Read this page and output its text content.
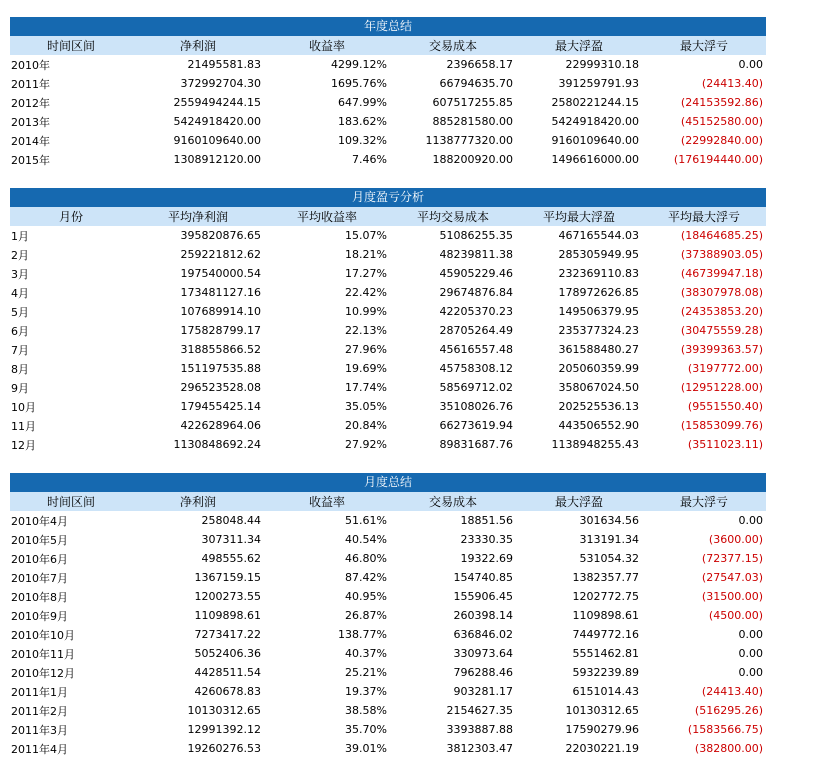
年度总结
时间区间	净利润	收益率	交易成本	最大浮盈	最大浮亏
2010年	21495581.83	4299.12%	2396658.17	22999310.18	0.00
2011年	372992704.30	1695.76%	66794635.70	391259791.93	(24413.40)
2012年	2559494244.15	647.99%	607517255.85	2580221244.15	(24153592.86)
2013年	5424918420.00	183.62%	885281580.00	5424918420.00	(45152580.00)
2014年	9160109640.00	109.32%	1138777320.00	9160109640.00	(22992840.00)
2015年	1308912120.00	7.46%	188200920.00	1496616000.00	(176194440.00)
月度盈亏分析
月份	平均净利润	平均收益率	平均交易成本	平均最大浮盈	平均最大浮亏
1月	395820876.65	15.07%	51086255.35	467165544.03	(18464685.25)
2月	259221812.62	18.21%	48239811.38	285305949.95	(37388903.05)
3月	197540000.54	17.27%	45905229.46	232369110.83	(46739947.18)
4月	173481127.16	22.42%	29674876.84	178972626.85	(38307978.08)
5月	107689914.10	10.99%	42205370.23	149506379.95	(24353853.20)
6月	175828799.17	22.13%	28705264.49	235377324.23	(30475559.28)
7月	318855866.52	27.96%	45616557.48	361588480.27	(39399363.57)
8月	151197535.88	19.69%	45758308.12	205060359.99	(3197772.00)
9月	296523528.08	17.74%	58569712.02	358067024.50	(12951228.00)
10月	179455425.14	35.05%	35108026.76	202525536.13	(9551550.40)
11月	422628964.06	20.84%	66273619.94	443506552.90	(15853099.76)
12月	1130848692.24	27.92%	89831687.76	1138948255.43	(3511023.11)
月度总结
时间区间	净利润	收益率	交易成本	最大浮盈	最大浮亏
2010年4月	258048.44	51.61%	18851.56	301634.56	0.00
2010年5月	307311.34	40.54%	23330.35	313191.34	(3600.00)
2010年6月	498555.62	46.80%	19322.69	531054.32	(72377.15)
2010年7月	1367159.15	87.42%	154740.85	1382357.77	(27547.03)
2010年8月	1200273.55	40.95%	155906.45	1202772.75	(31500.00)
2010年9月	1109898.61	26.87%	260398.14	1109898.61	(4500.00)
2010年10月	7273417.22	138.77%	636846.02	7449772.16	0.00
2010年11月	5052406.36	40.37%	330973.64	5551462.81	0.00
2010年12月	4428511.54	25.21%	796288.46	5932239.89	0.00
2011年1月	4260678.83	19.37%	903281.17	6151014.43	(24413.40)
2011年2月	10130312.65	38.58%	2154627.35	10130312.65	(516295.26)
2011年3月	12991392.12	35.70%	3393887.88	17590279.96	(1583566.75)
2011年4月	19260276.53	39.01%	3812303.47	22030221.19	(382800.00)
